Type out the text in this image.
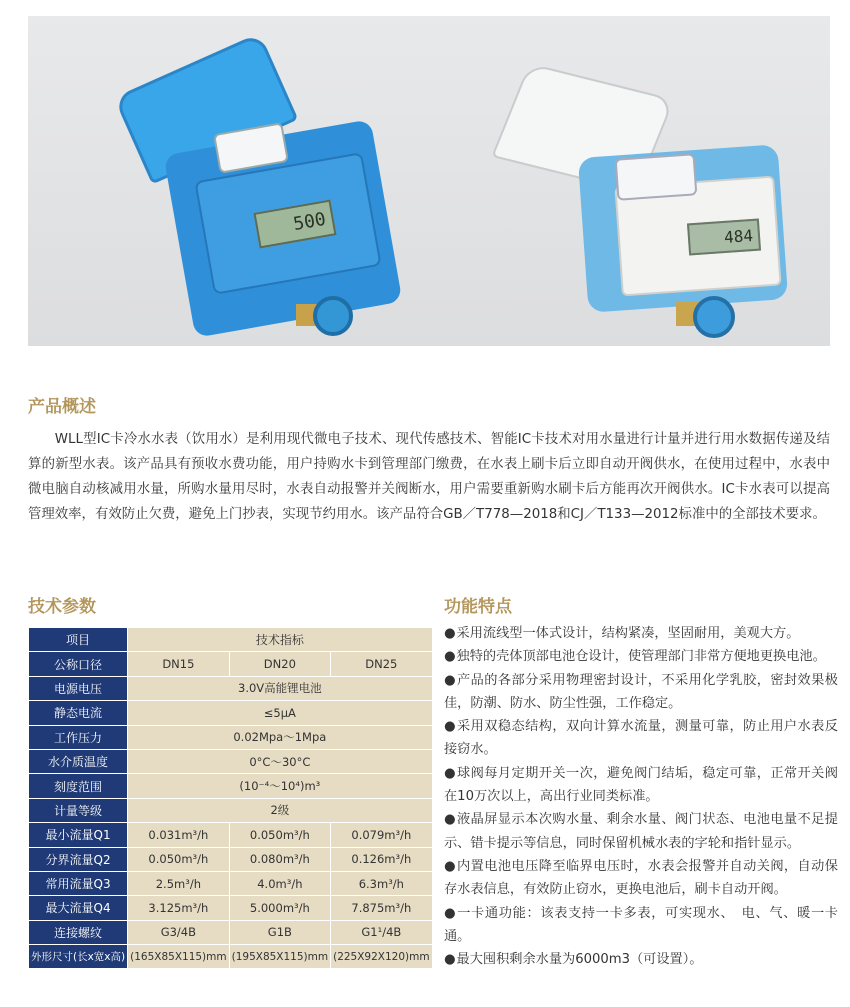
500
484
产品概述

WLL型IC卡冷水水表（饮用水）是利用现代微电子技术、现代传感技术、智能IC卡技术对用水量进行计量并进行用水数据传递及结算的新型水表。该产品具有预收水费功能，用户持购水卡到管理部门缴费，在水表上刷卡后立即自动开阀供水，在使用过程中，水表中微电脑自动核减用水量，所购水量用尽时，水表自动报警并关阀断水，用户需要重新购水刷卡后方能再次开阀供水。IC卡水表可以提高管理效率，有效防止欠费，避免上门抄表，实现节约用水。该产品符合GB／T778—2018和CJ／T133—2012标准中的全部技术要求。

技术参数
项目	技术指标		
公称口径	DN15	DN20	DN25
电源电压	3.0V高能锂电池		
静态电流	≤5μA		
工作压力	0.02Mpa～1Mpa		
水介质温度	0°C～30°C		
刻度范围	(10⁻⁴～10⁴)m³		
计量等级	2级		
最小流量Q1	0.031m³/h	0.050m³/h	0.079m³/h
分界流量Q2	0.050m³/h	0.080m³/h	0.126m³/h
常用流量Q3	2.5m³/h	4.0m³/h	6.3m³/h
最大流量Q4	3.125m³/h	5.000m³/h	7.875m³/h
连接螺纹	G3/4B	G1B	G1¹/4B
外形尺寸(长x宽x高)	(165X85X115)mm	(195X85X115)mm	(225X92X120)mm
功能特点
● 采用流线型一体式设计，结构紧凑，坚固耐用，美观大方。
● 独特的壳体顶部电池仓设计，使管理部门非常方便地更换电池。
● 产品的各部分采用物理密封设计，不采用化学乳胶，密封效果极佳，防潮、防水、防尘性强，工作稳定。
● 采用双稳态结构，双向计算水流量，测量可靠，防止用户水表反接窃水。
● 球阀每月定期开关一次，避免阀门结垢，稳定可靠，正常开关阀在10万次以上，高出行业同类标准。
● 液晶屏显示本次购水量、剩余水量、阀门状态、电池电量不足提示、错卡提示等信息，同时保留机械水表的字轮和指针显示。
● 内置电池电压降至临界电压时，水表会报警并自动关阀，自动保存水表信息，有效防止窃水，更换电池后，刷卡自动开阀。
● 一卡通功能：该表支持一卡多表，可实现水、　电、气、暖一卡通。
● 最大囤积剩余水量为6000m3（可设置）。
